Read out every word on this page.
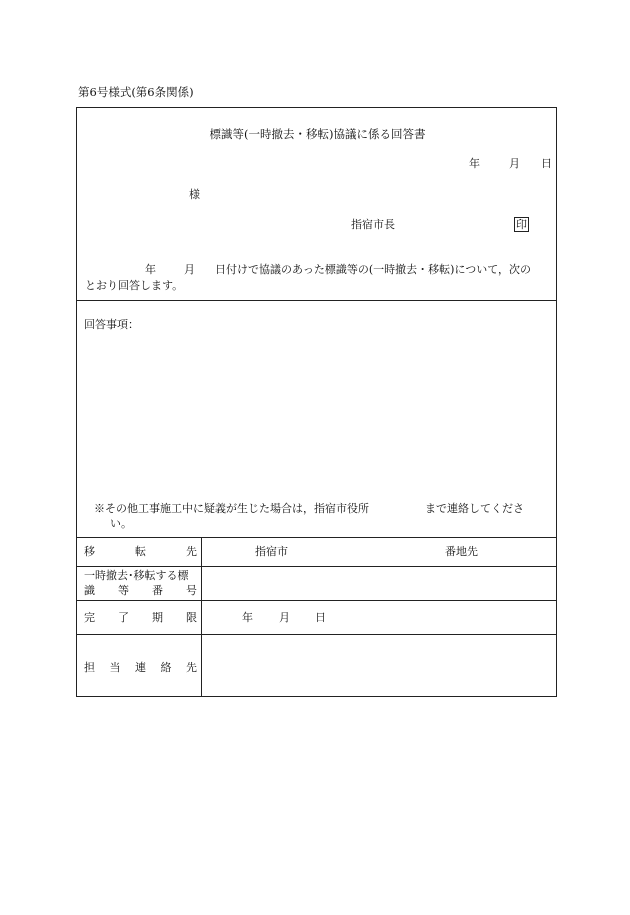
第6号様式(第6条関係)
標識等(一時撤去・移転)協議に係る回答書
年	月 日
様
指宿市長	印
年	月 日付けで協議のあった標識等の(一時撤去・移転)について，次の
とおり回答します。
回答事項：
※その他工事施工中に疑義が生じた場合は，指宿市役所	まで連絡してくださ
い。
移	転	先	指宿市	番地先
一時撤去･移転する標
識 等 番 号
完 了 期 限	年 月 日
担 当 連 絡 先
